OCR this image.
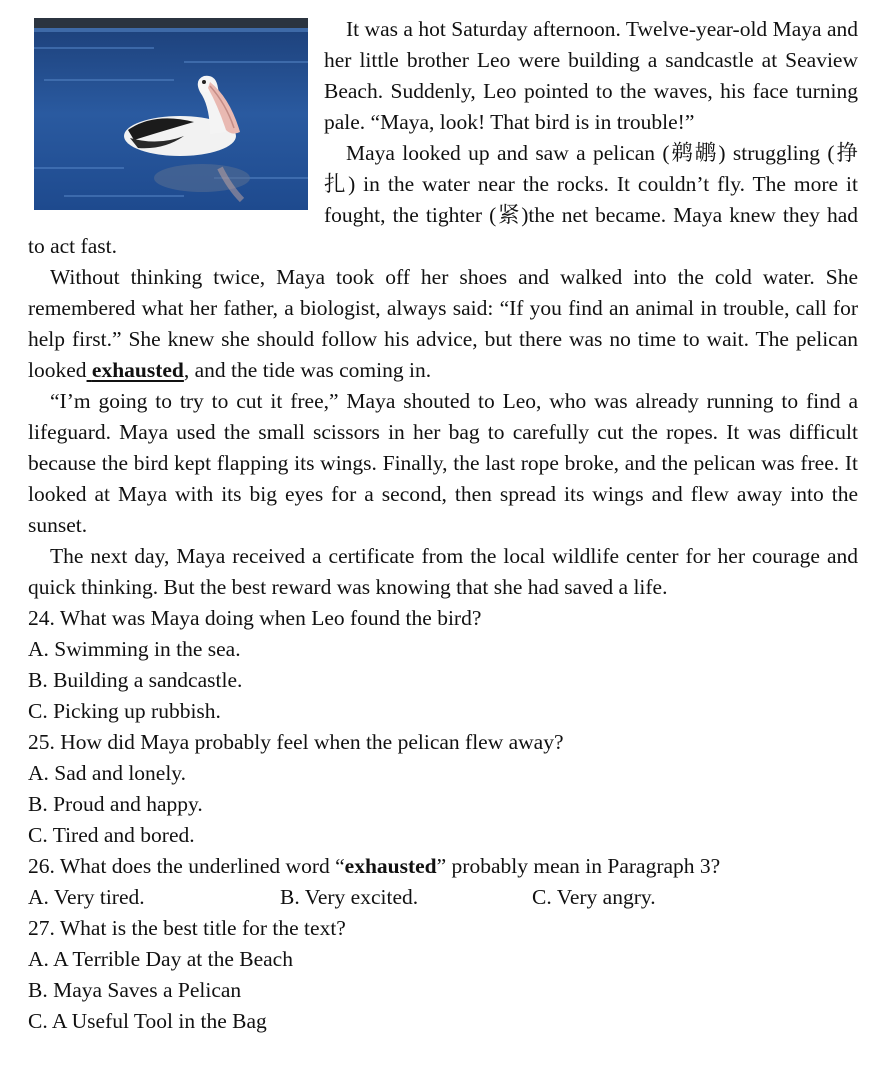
It was a hot Saturday afternoon. Twelve-year-old Maya and her little brother Leo were building a sandcastle at Seaview Beach. Suddenly, Leo pointed to the waves, his face turning pale. “Maya, look! That bird is in trouble!”

Maya looked up and saw a pelican (鹈鹕) struggling (挣扎) in the water near the rocks. It couldn’t fly. The more it fought, the tighter (紧)the net became. Maya knew they had to act fast.

Without thinking twice, Maya took off her shoes and walked into the cold water. She remembered what her father, a biologist, always said: “If you find an animal in trouble, call for help first.” She knew she should follow his advice, but there was no time to wait. The pelican looked exhausted, and the tide was coming in.

“I’m going to try to cut it free,” Maya shouted to Leo, who was already running to find a lifeguard. Maya used the small scissors in her bag to carefully cut the ropes. It was difficult because the bird kept flapping its wings. Finally, the last rope broke, and the pelican was free. It looked at Maya with its big eyes for a second, then spread its wings and flew away into the sunset.

The next day, Maya received a certificate from the local wildlife center for her courage and quick thinking. But the best reward was knowing that she had saved a life.

24. What was Maya doing when Leo found the bird?

A. Swimming in the sea.

B. Building a sandcastle.

C. Picking up rubbish.

25. How did Maya probably feel when the pelican flew away?

A. Sad and lonely.

B. Proud and happy.

C. Tired and bored.

26. What does the underlined word “exhausted” probably mean in Paragraph 3?

A. Very tired.	B. Very excited.	C. Very angry.

27. What is the best title for the text?

A. A Terrible Day at the Beach

B. Maya Saves a Pelican

C. A Useful Tool in the Bag
